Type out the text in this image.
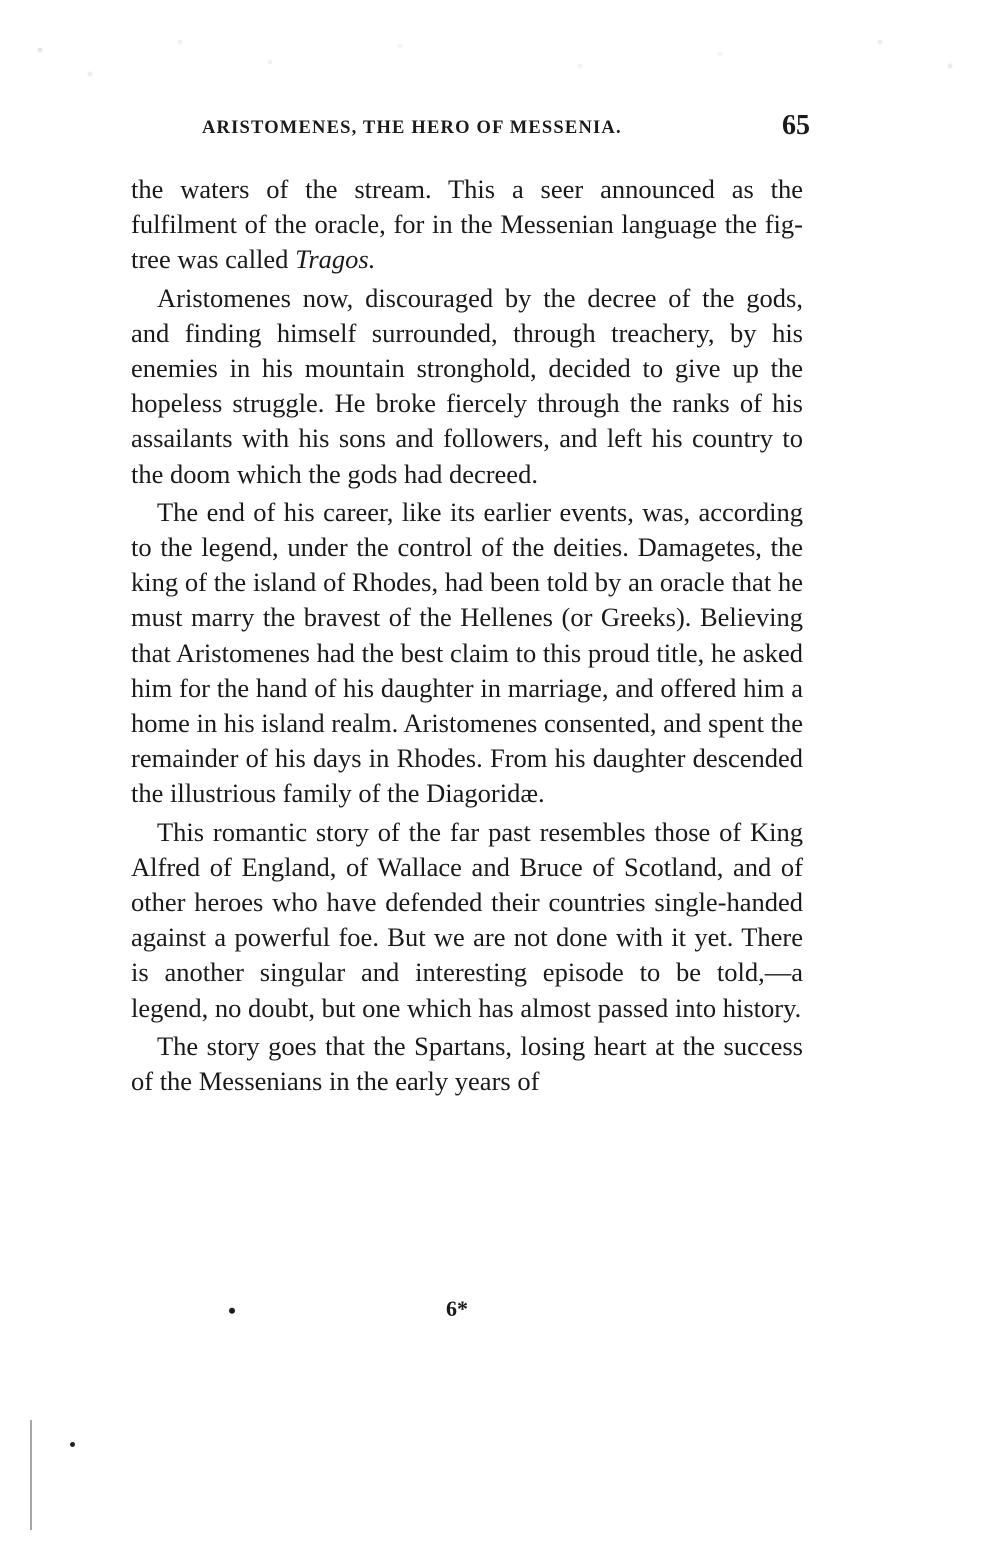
ARISTOMENES, THE HERO OF MESSENIA.	65

the waters of the stream. This a seer announced as the fulfilment of the oracle, for in the Messenian language the fig-tree was called Tragos.

Aristomenes now, discouraged by the decree of the gods, and finding himself surrounded, through treachery, by his enemies in his mountain stronghold, decided to give up the hopeless struggle. He broke fiercely through the ranks of his assailants with his sons and followers, and left his country to the doom which the gods had decreed.

The end of his career, like its earlier events, was, according to the legend, under the control of the deities. Damagetes, the king of the island of Rhodes, had been told by an oracle that he must marry the bravest of the Hellenes (or Greeks). Believing that Aristomenes had the best claim to this proud title, he asked him for the hand of his daughter in marriage, and offered him a home in his island realm. Aristomenes consented, and spent the remainder of his days in Rhodes. From his daughter descended the illustrious family of the Diagoridæ.

This romantic story of the far past resembles those of King Alfred of England, of Wallace and Bruce of Scotland, and of other heroes who have defended their countries single-handed against a powerful foe. But we are not done with it yet. There is another singular and interesting episode to be told,—a legend, no doubt, but one which has almost passed into history.

The story goes that the Spartans, losing heart at the success of the Messenians in the early years of

•	6*
